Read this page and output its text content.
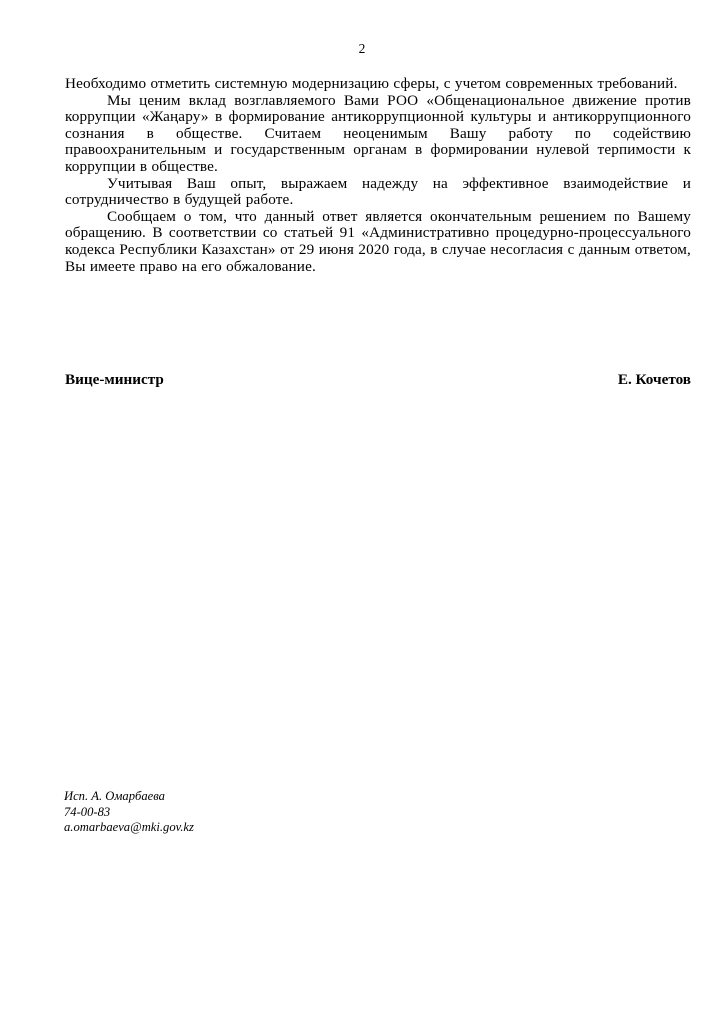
2

Необходимо отметить системную модернизацию сферы, с учетом современных требований.

Мы ценим вклад возглавляемого Вами РОО «Общенациональное движение против коррупции «Жаңару» в формирование антикоррупционной культуры и антикоррупционного сознания в обществе. Считаем неоценимым Вашу работу по содействию правоохранительным и государственным органам в формировании нулевой терпимости к коррупции в обществе.

Учитывая Ваш опыт, выражаем надежду на эффективное взаимодействие и сотрудничество в будущей работе.

Сообщаем о том, что данный ответ является окончательным решением по Вашему обращению. В соответствии со статьей 91 «Административно процедурно-процессуального кодекса Республики Казахстан» от 29 июня 2020 года, в случае несогласия с данным ответом, Вы имеете право на его обжалование.

Вице-министр	Е. Кочетов
Исп. А. Омарбаева
74-00-83
a.omarbaeva@mki.gov.kz
